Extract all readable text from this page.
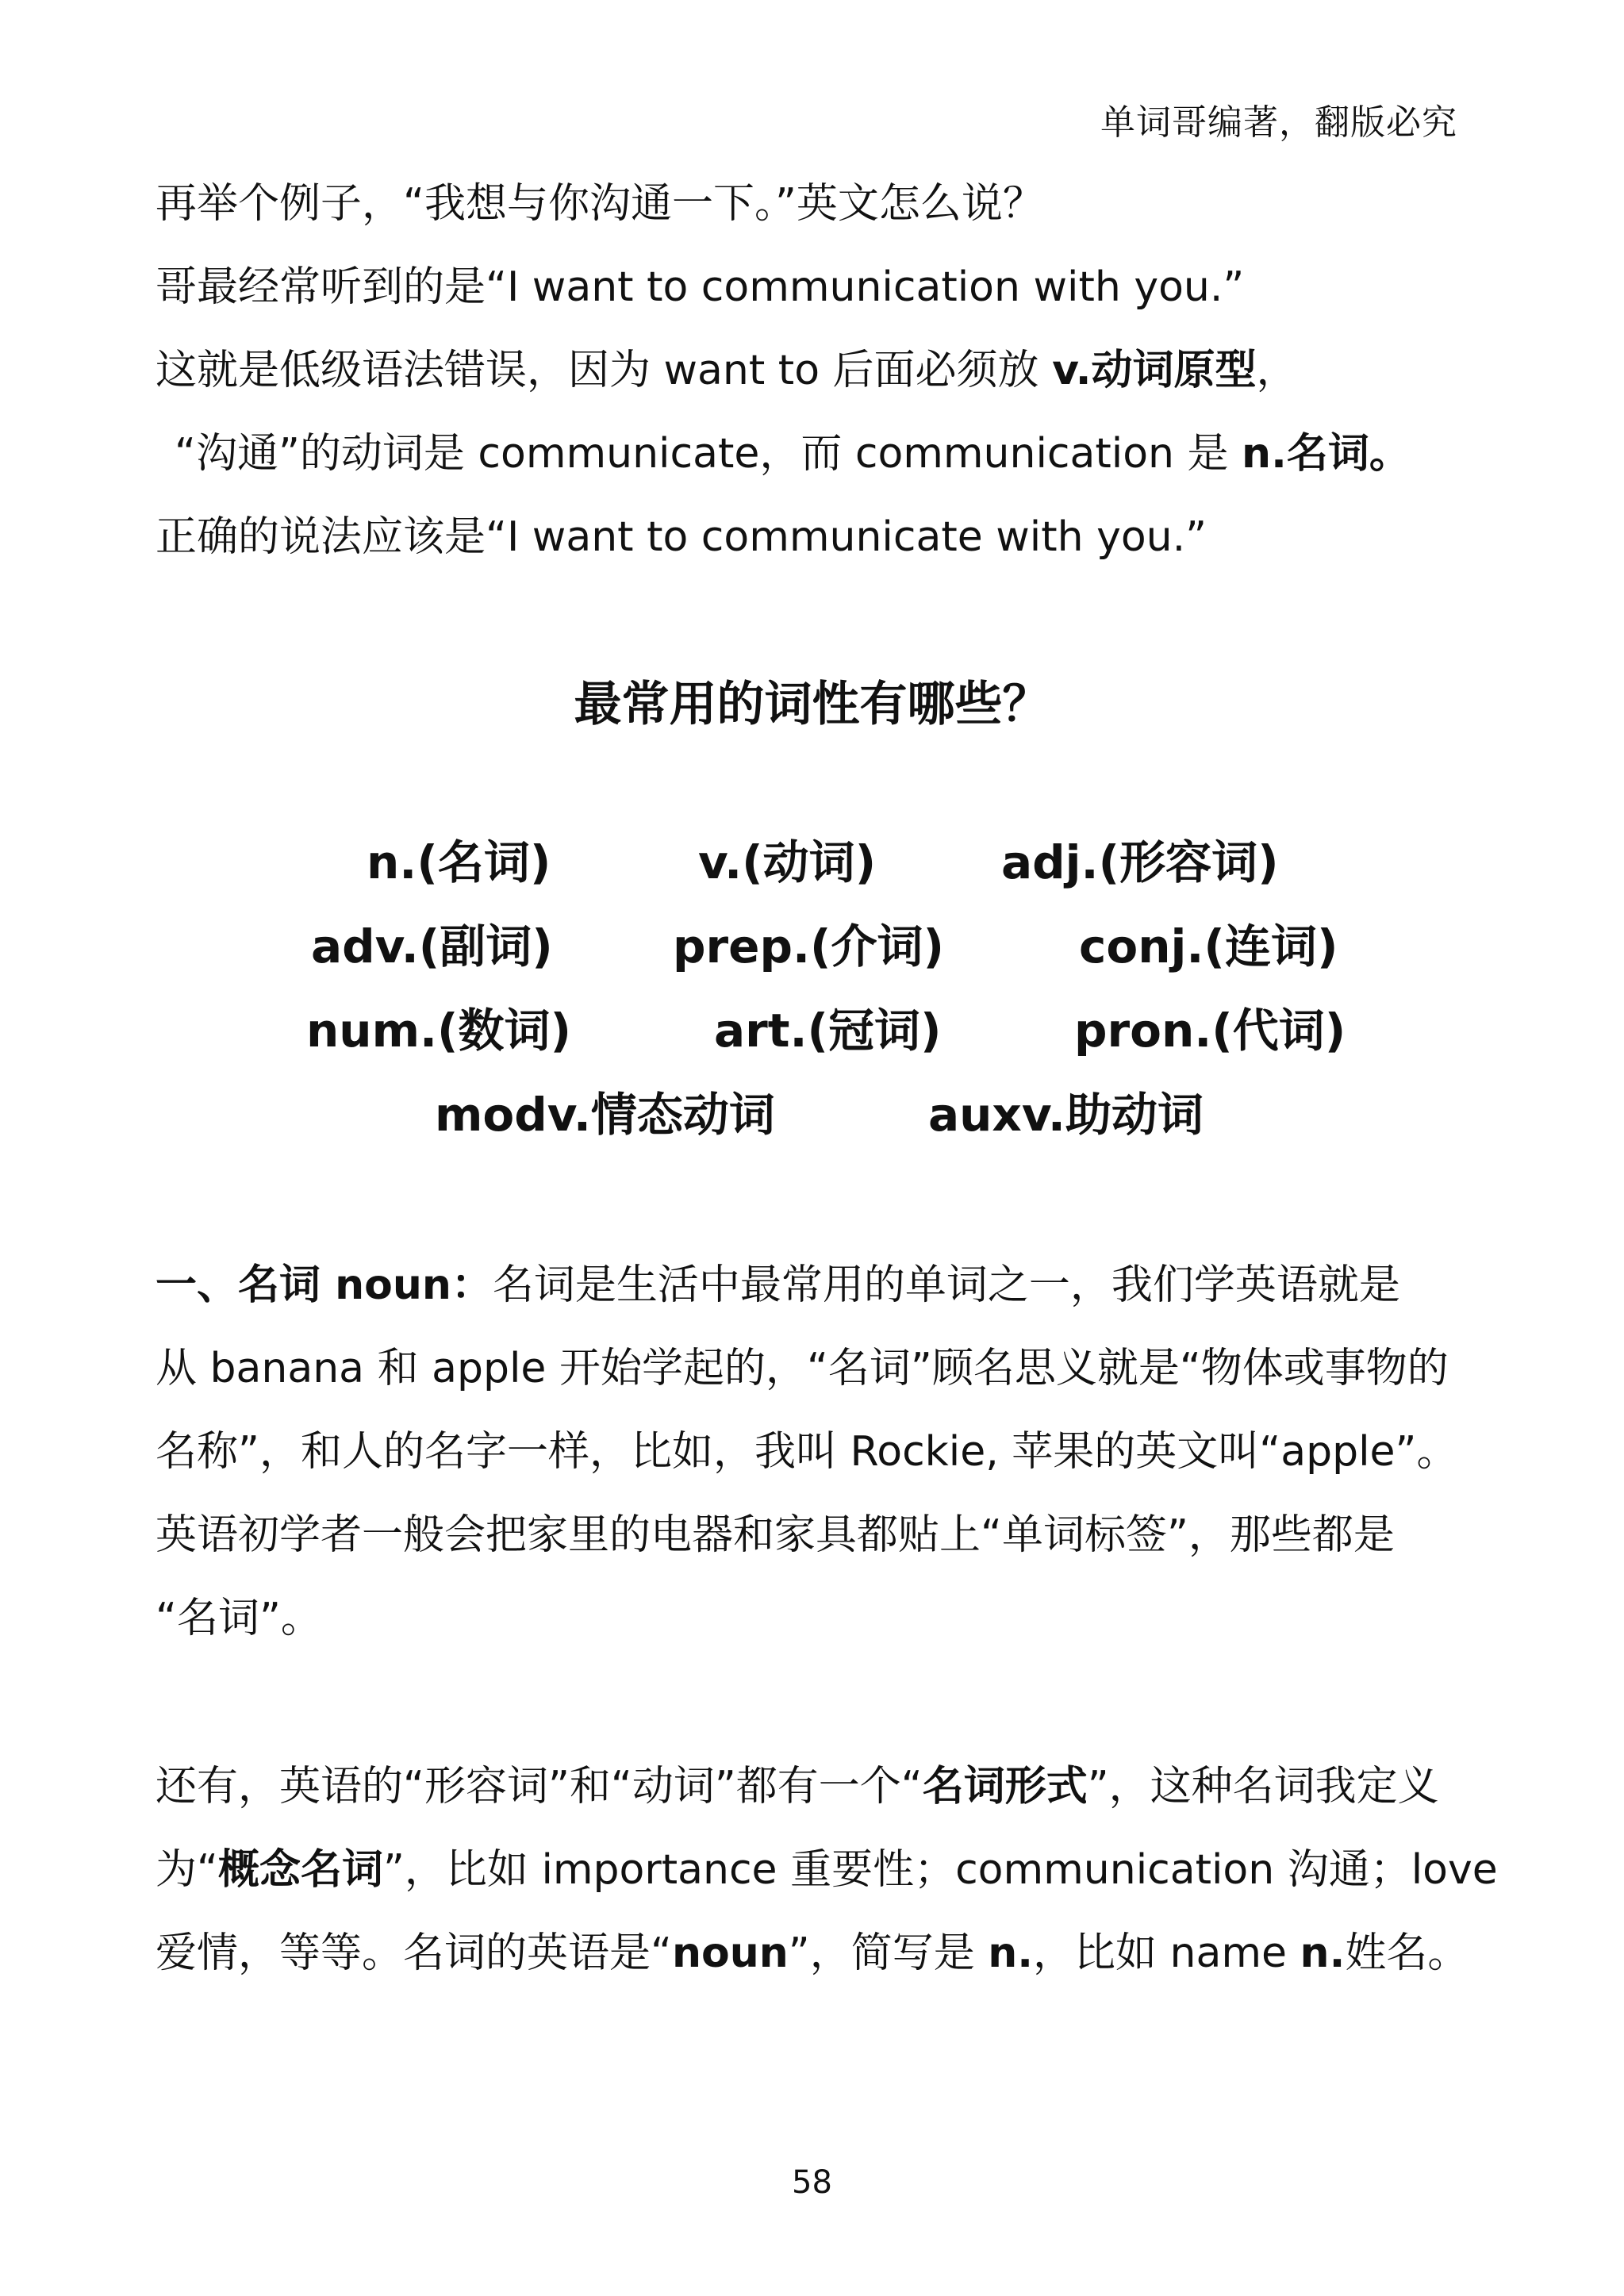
单词哥编著，翻版必究
再举个例子，“我想与你沟通一下。”英文怎么说？
哥最经常听到的是“I want to communication with you.”
这就是低级语法错误，因为 want to 后面必须放 v.动词原型，
“沟通”的动词是 communicate，而 communication 是 n.名词。
正确的说法应该是“I want to communicate with you.”
最常用的词性有哪些？
n.(名词)	v.(动词)	adj.(形容词)
adv.(副词)	prep.(介词)	conj.(连词)
num.(数词)	art.(冠词)	pron.(代词)
modv.情态动词	auxv.助动词
一、名词 noun：名词是生活中最常用的单词之一，我们学英语就是
从 banana 和 apple 开始学起的，“名词”顾名思义就是“物体或事物的
名称”，和人的名字一样，比如，我叫 Rockie, 苹果的英文叫“apple”。
英语初学者一般会把家里的电器和家具都贴上“单词标签”，那些都是
“名词”。
还有，英语的“形容词”和“动词”都有一个“名词形式”，这种名词我定义
为“概念名词”，比如 importance 重要性；communication 沟通；love
爱情，等等。名词的英语是“noun”，简写是 n.，比如 name n.姓名。
58
